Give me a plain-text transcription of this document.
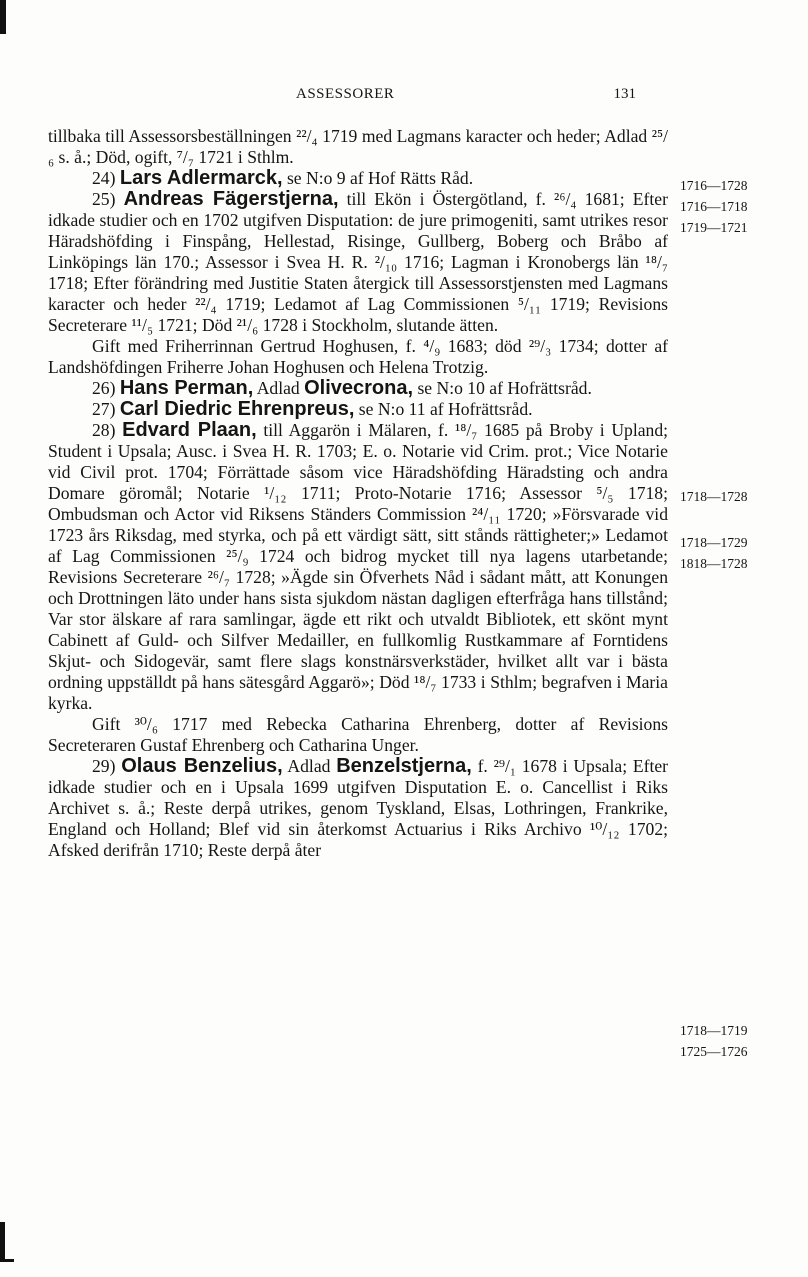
ASSESSORER	131

tillbaka till Assessorsbeställningen ²²/₄ 1719 med Lagmans karacter och heder; Adlad ²⁵/₆ s. å.; Död, ogift, ⁷/₇ 1721 i Sthlm.

24) Lars Adlermarck, se N:o 9 af Hof Rätts Råd.

25) Andreas Fägerstjerna, till Ekön i Östergötland, f. ²⁶/₄ 1681; Efter idkade studier och en 1702 utgifven Disputation: de jure primogeniti, samt utrikes resor Häradshöfding i Finspång, Hellestad, Risinge, Gullberg, Boberg och Bråbo af Linköpings län 170.; Assessor i Svea H. R. ²/₁₀ 1716; Lagman i Kronobergs län ¹⁸/₇ 1718; Efter förändring med Justitie Staten återgick till Assessorstjensten med Lagmans karacter och heder ²²/₄ 1719; Ledamot af Lag Commissionen ⁵/₁₁ 1719; Revisions Secreterare ¹¹/₅ 1721; Död ²¹/₆ 1728 i Stockholm, slutande ätten.

Gift med Friherrinnan Gertrud Hoghusen, f. ⁴/₉ 1683; död ²⁹/₃ 1734; dotter af Landshöfdingen Friherre Johan Hoghusen och Helena Trotzig.

26) Hans Perman, Adlad Olivecrona, se N:o 10 af Hofrättsråd.

27) Carl Diedric Ehrenpreus, se N:o 11 af Hofrättsråd.

28) Edvard Plaan, till Aggarön i Mälaren, f. ¹⁸/₇ 1685 på Broby i Upland; Student i Upsala; Ausc. i Svea H. R. 1703; E. o. Notarie vid Crim. prot.; Vice Notarie vid Civil prot. 1704; Förrättade såsom vice Häradshöfding Häradsting och andra Domare göromål; Notarie ¹/₁₂ 1711; Proto-Notarie 1716; Assessor ⁵/₅ 1718; Ombudsman och Actor vid Riksens Ständers Commission ²⁴/₁₁ 1720; »Försvarade vid 1723 års Riksdag, med styrka, och på ett värdigt sätt, sitt stånds rättigheter;» Ledamot af Lag Commissionen ²⁵/₉ 1724 och bidrog mycket till nya lagens utarbetande; Revisions Secreterare ²⁶/₇ 1728; »Ägde sin Öfverhets Nåd i sådant mått, att Konungen och Drottningen läto under hans sista sjukdom nästan dagligen efterfråga hans tillstånd; Var stor älskare af rara samlingar, ägde ett rikt och utvaldt Bibliotek, ett skönt mynt Cabinett af Guld- och Silfver Medailler, en fullkomlig Rustkammare af Forntidens Skjut- och Sidogevär, samt flere slags konstnärsverkstäder, hvilket allt var i bästa ordning uppställdt på hans sätesgård Aggarö»; Död ¹⁸/₇ 1733 i Sthlm; begrafven i Maria kyrka.

Gift ³⁰/₆ 1717 med Rebecka Catharina Ehrenberg, dotter af Revisions Secreteraren Gustaf Ehrenberg och Catharina Unger.

29) Olaus Benzelius, Adlad Benzelstjerna, f. ²⁹/₁ 1678 i Upsala; Efter idkade studier och en i Upsala 1699 utgifven Disputation E. o. Cancellist i Riks Archivet s. å.; Reste derpå utrikes, genom Tyskland, Elsas, Lothringen, Frankrike, England och Holland; Blef vid sin återkomst Actuarius i Riks Archivo ¹⁰/₁₂ 1702; Afsked derifrån 1710; Reste derpå åter

1716—1728
1716—1718
1719—1721
1718—1728
1718—1729
1818—1728
1718—1719
1725—1726
